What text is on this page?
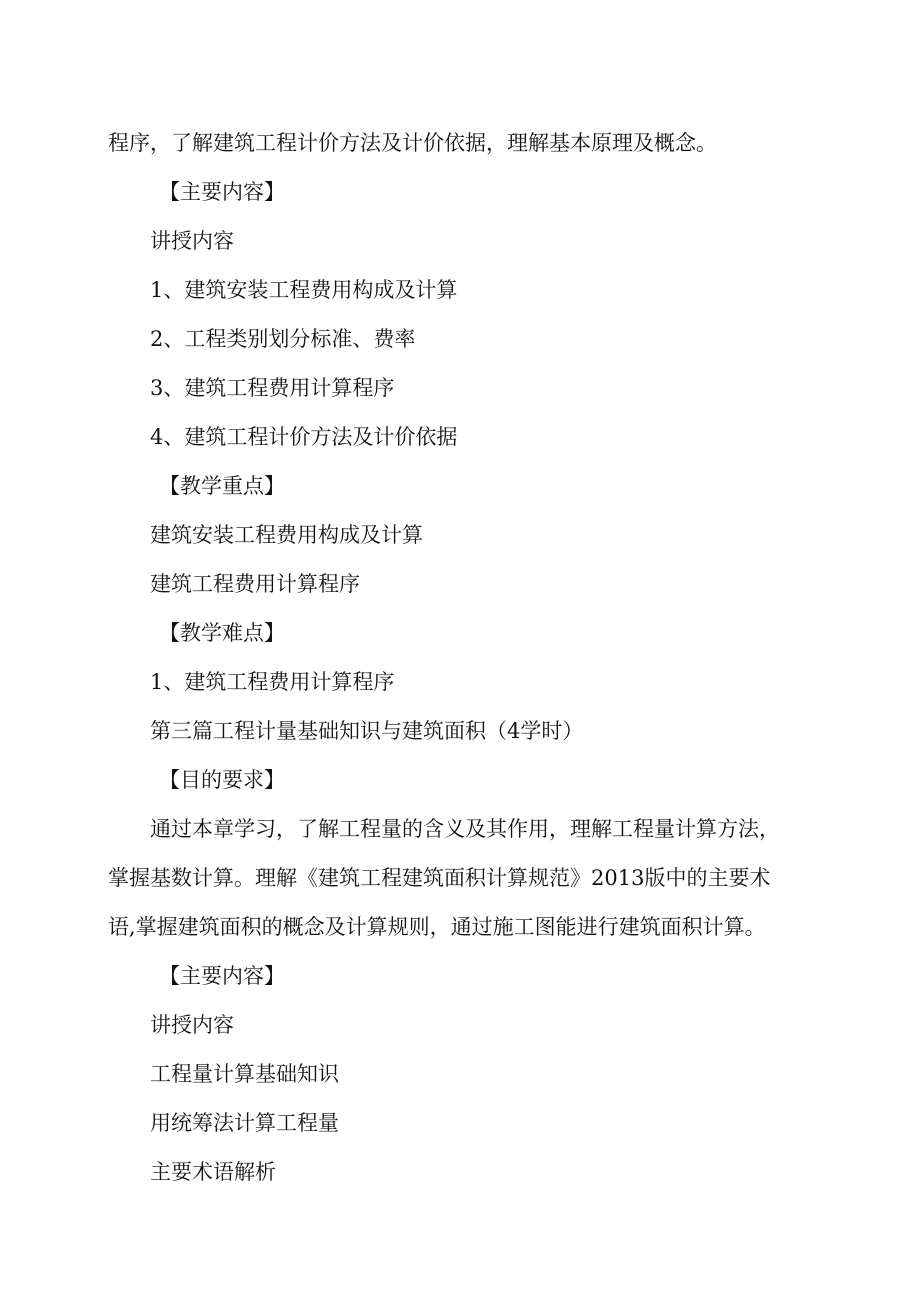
程序，了解建筑工程计价方法及计价依据，理解基本原理及概念。
【主要内容】
讲授内容
1、建筑安装工程费用构成及计算
2、工程类别划分标准、费率
3、建筑工程费用计算程序
4、建筑工程计价方法及计价依据
【教学重点】
建筑安装工程费用构成及计算
建筑工程费用计算程序
【教学难点】
1、建筑工程费用计算程序
第三篇工程计量基础知识与建筑面积（4学时）
【目的要求】
通过本章学习，了解工程量的含义及其作用，理解工程量计算方法，
掌握基数计算。理解《建筑工程建筑面积计算规范》2013版中的主要术
语,掌握建筑面积的概念及计算规则，通过施工图能进行建筑面积计算。
【主要内容】
讲授内容
工程量计算基础知识
用统筹法计算工程量
主要术语解析
